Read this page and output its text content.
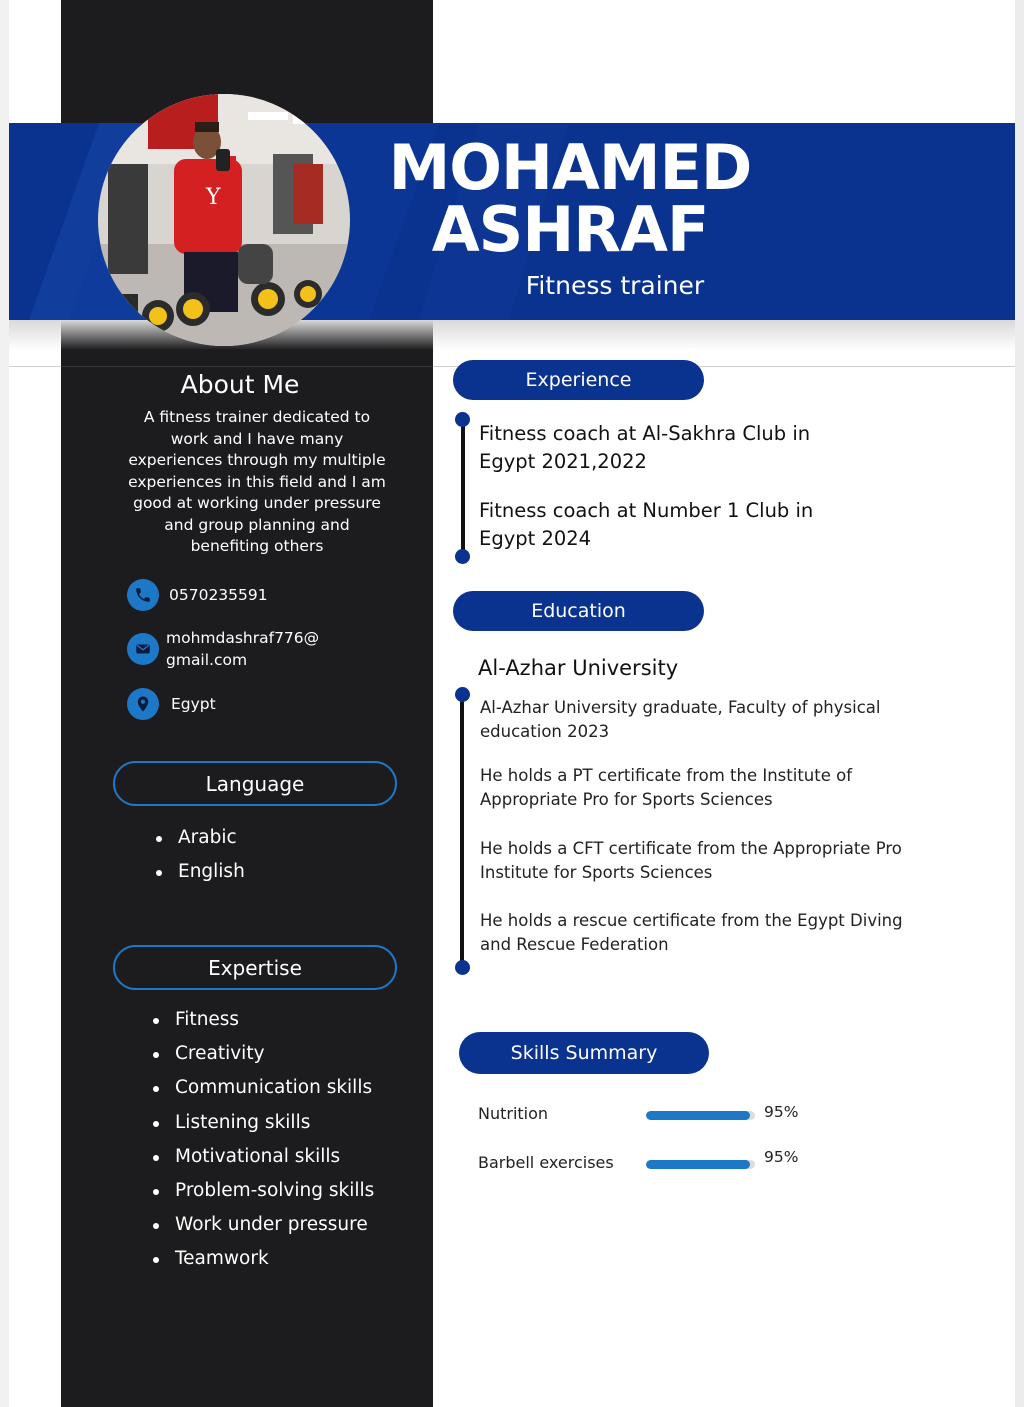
Y	MOHAMED
ASHRAF
Fitness trainer
About Me
A fitness trainer dedicated to work and I have many experiences through my multiple experiences in this field and I am good at working under pressure and group planning and benefiting others
0570235591
mohmdashraf776@
gmail.com
Egypt
Language
Arabic
English
Expertise
Fitness
Creativity
Communication skills
Listening skills
Motivational skills
Problem-solving skills
Work under pressure
Teamwork
Experience
Fitness coach at Al-Sakhra Club in Egypt 2021,2022
Fitness coach at Number 1 Club in Egypt 2024
Education
Al-Azhar University
Al-Azhar University graduate, Faculty of physical education 2023
He holds a PT certificate from the Institute of Appropriate Pro for Sports Sciences
He holds a CFT certificate from the Appropriate Pro Institute for Sports Sciences
He holds a rescue certificate from the Egypt Diving and Rescue Federation
Skills Summary
Nutrition	95%
Barbell exercises	95%
